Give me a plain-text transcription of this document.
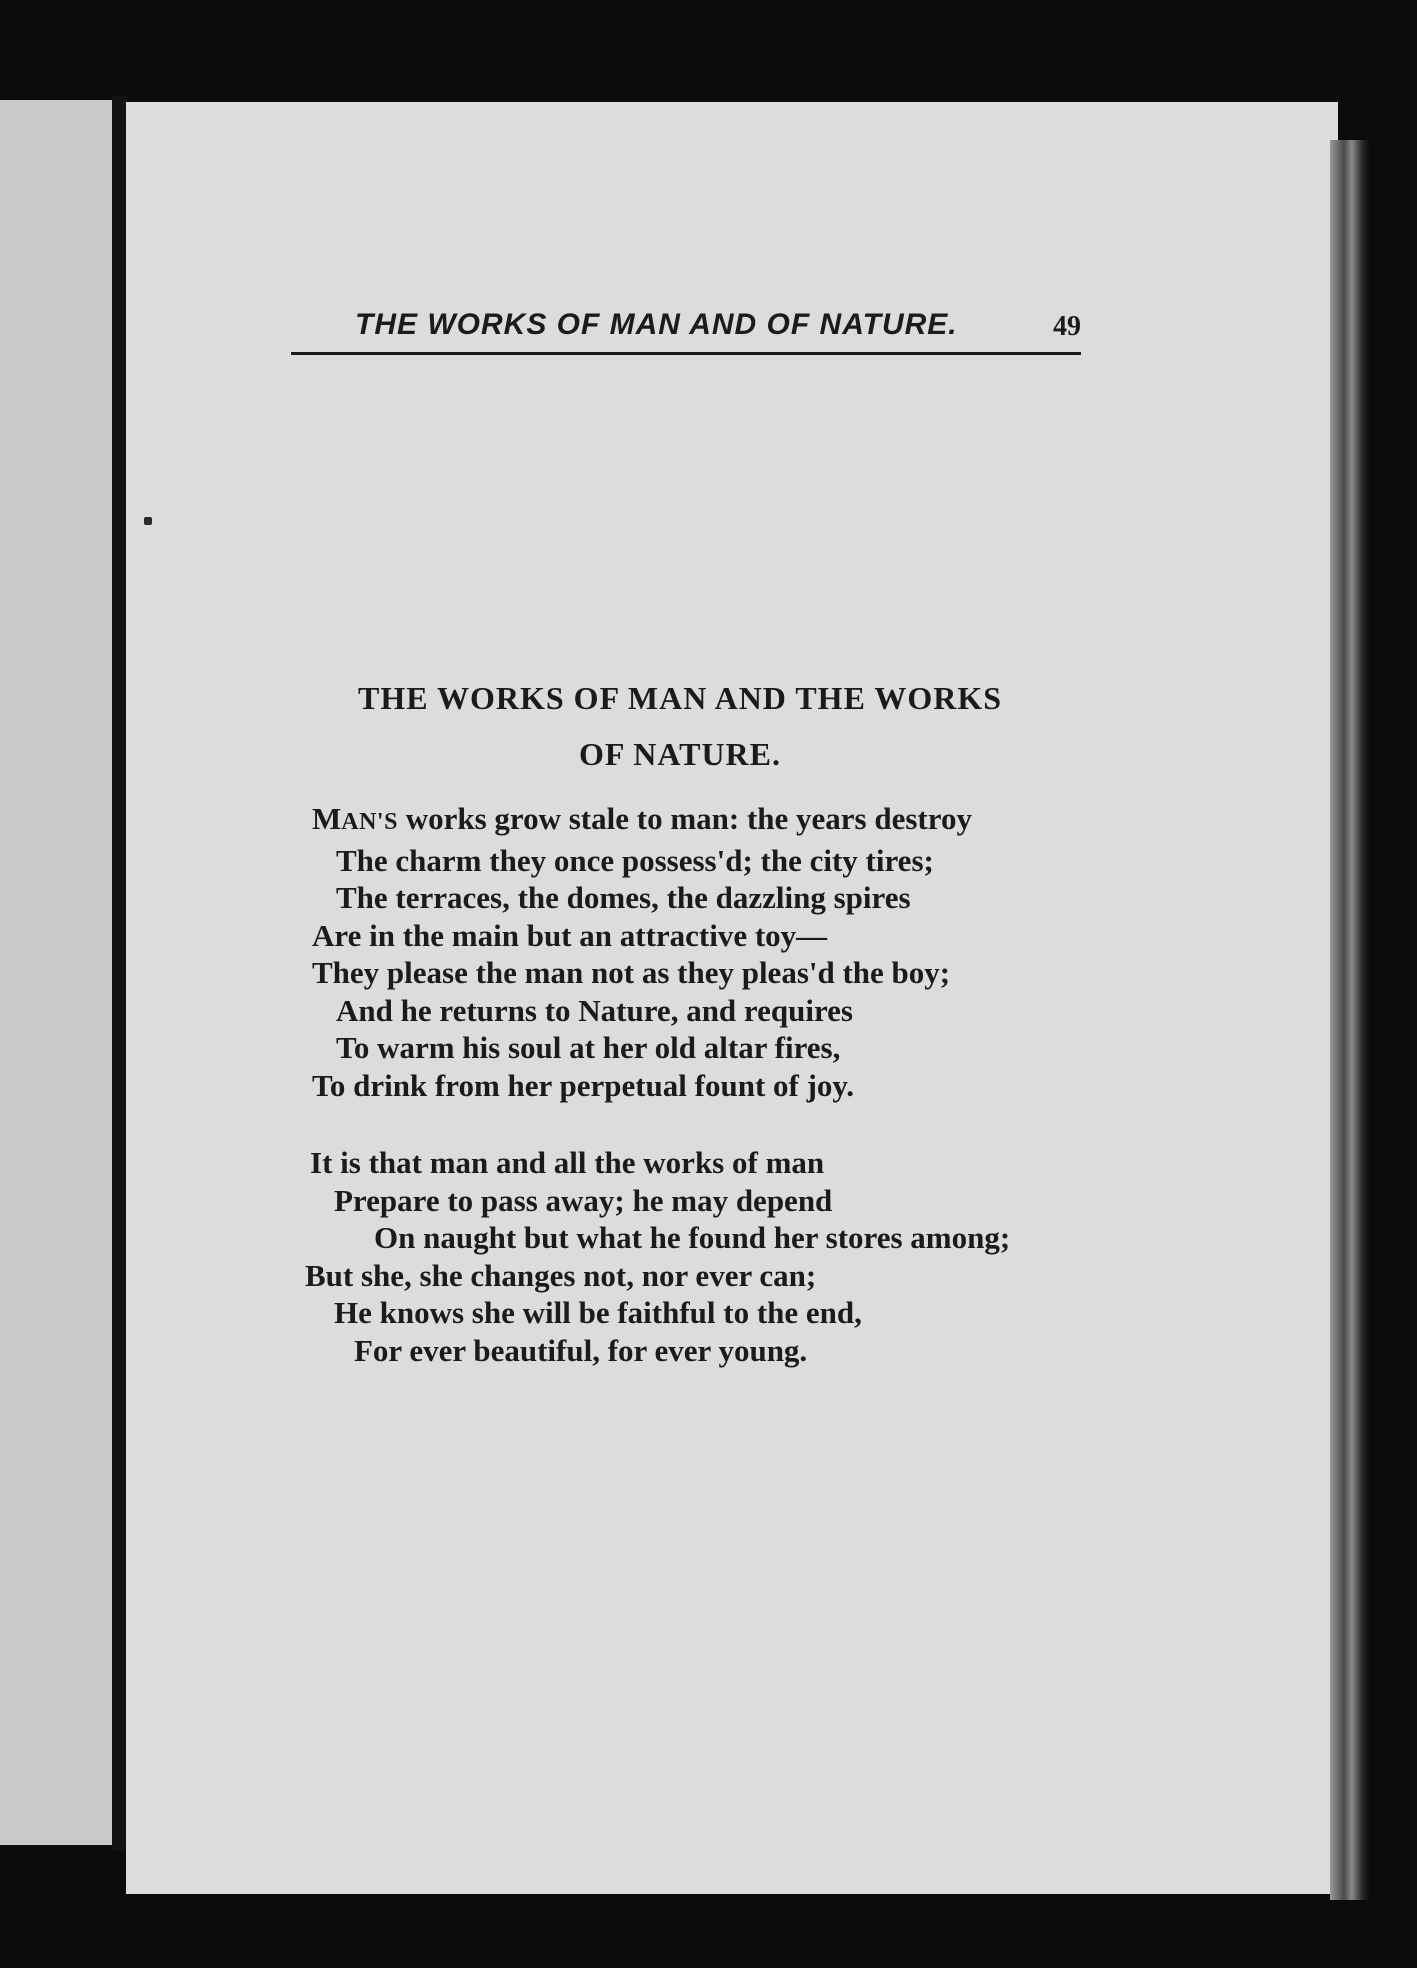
THE WORKS OF MAN AND OF NATURE.	49
THE WORKS OF MAN AND THE WORKS
OF NATURE.
MAN'S works grow stale to man: the years destroy
The charm they once possess'd; the city tires;
The terraces, the domes, the dazzling spires
Are in the main but an attractive toy—
They please the man not as they pleas'd the boy;
And he returns to Nature, and requires
To warm his soul at her old altar fires,
To drink from her perpetual fount of joy.
It is that man and all the works of man
Prepare to pass away; he may depend
On naught but what he found her stores among;
But she, she changes not, nor ever can;
He knows she will be faithful to the end,
For ever beautiful, for ever young.
